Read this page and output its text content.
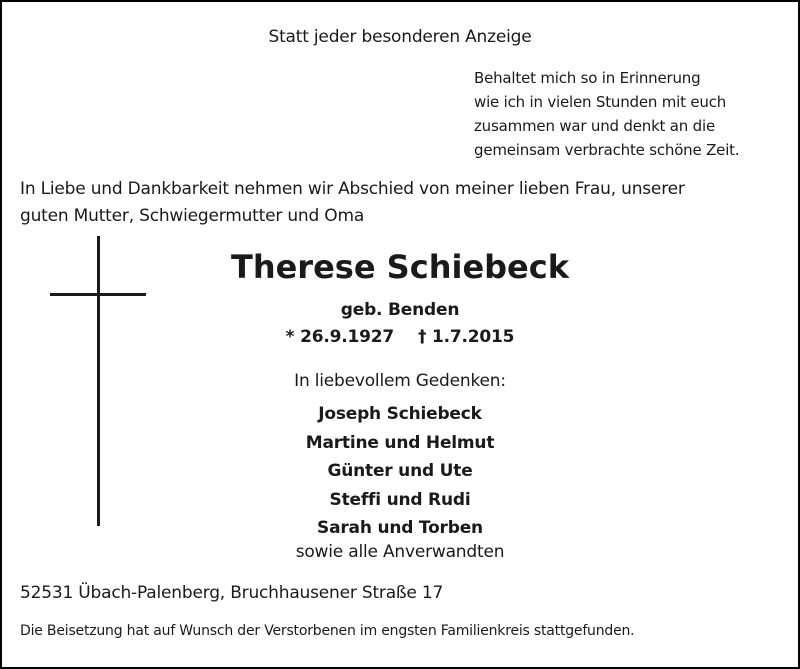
Statt jeder besonderen Anzeige
Behaltet mich so in Erinnerung
wie ich in vielen Stunden mit euch
zusammen war und denkt an die
gemeinsam verbrachte schöne Zeit.
In Liebe und Dankbarkeit nehmen wir Abschied von meiner lieben Frau, unserer
guten Mutter, Schwiegermutter und Oma
Therese Schiebeck
geb. Benden
* 26.9.1927 † 1.7.2015
In liebevollem Gedenken:
Joseph Schiebeck
Martine und Helmut
Günter und Ute
Steffi und Rudi
Sarah und Torben
sowie alle Anverwandten
52531 Übach-Palenberg, Bruchhausener Straße 17
Die Beisetzung hat auf Wunsch der Verstorbenen im engsten Familienkreis stattgefunden.
